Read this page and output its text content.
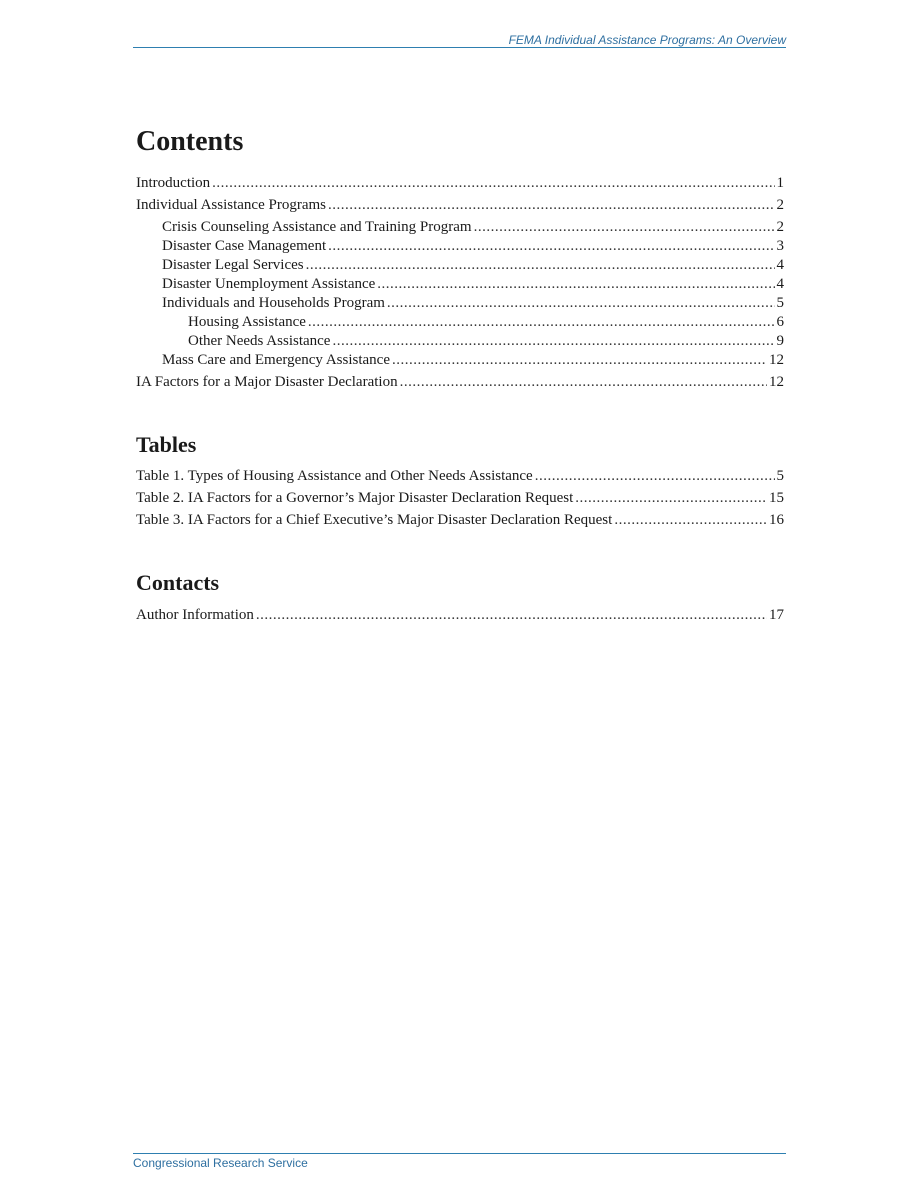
FEMA Individual Assistance Programs: An Overview
Contents
Introduction .....	1
Individual Assistance Programs .....	2
Crisis Counseling Assistance and Training Program .....	2
Disaster Case Management .....	3
Disaster Legal Services .....	4
Disaster Unemployment Assistance .....	4
Individuals and Households Program .....	5
Housing Assistance .....	6
Other Needs Assistance .....	9
Mass Care and Emergency Assistance .....	12
IA Factors for a Major Disaster Declaration .....	12
Tables
Table 1. Types of Housing Assistance and Other Needs Assistance .....	5
Table 2. IA Factors for a Governor’s Major Disaster Declaration Request .....	15
Table 3. IA Factors for a Chief Executive’s Major Disaster Declaration Request .....	16
Contacts
Author Information .....	17
Congressional Research Service
